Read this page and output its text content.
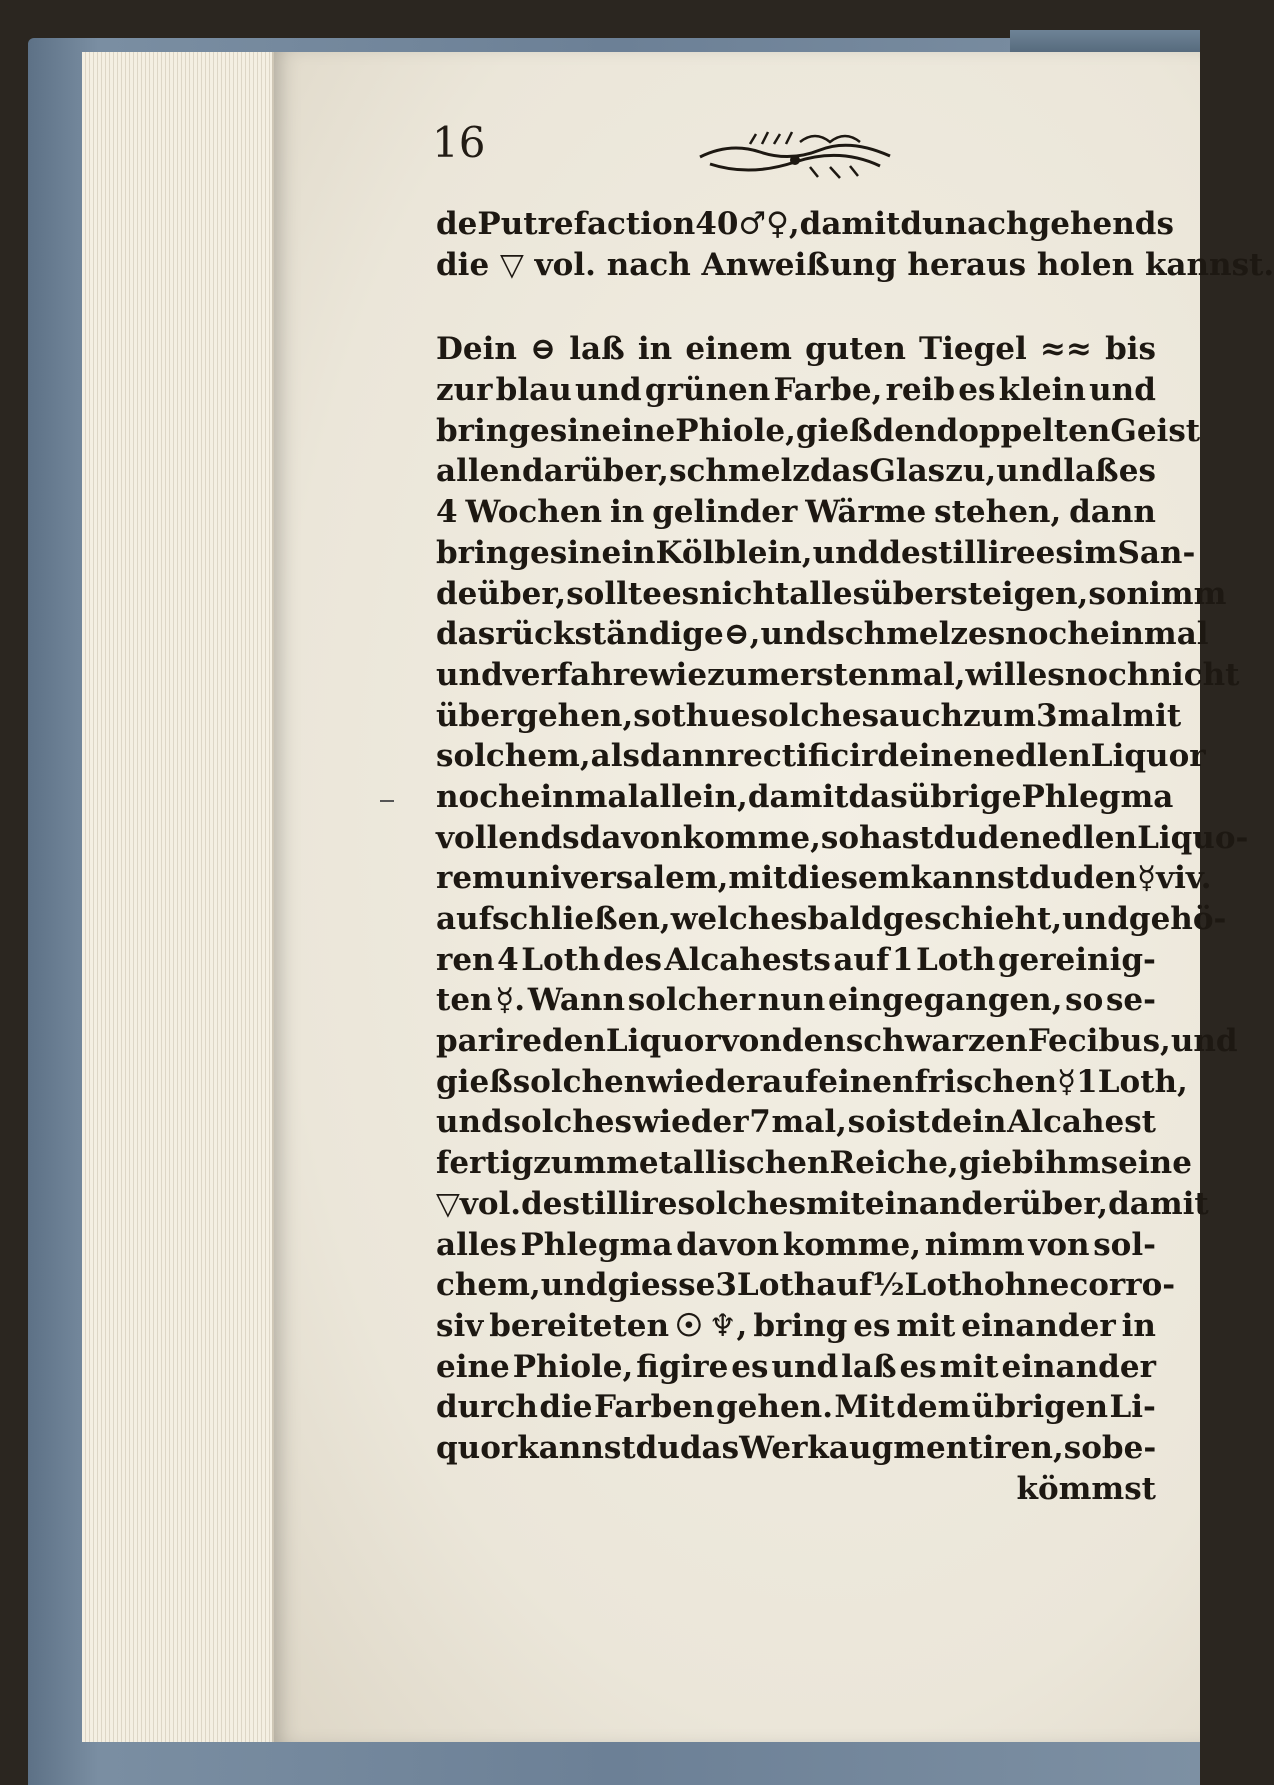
16
de Putrefaction 40 ♂♀, damit du nachgehends
die
▽
vol.
nach
Anweißung
heraus
holen
kannst.
Dein ⊖ laß in einem guten Tiegel ≈≈ bis
zur blau und grünen Farbe, reib es klein und
bring es in eine Phiole, gieß den doppelten Geist
allen darüber, schmelz das Glas zu, und laß es
4 Wochen in gelinder Wärme stehen, dann
bring es in ein Kölblein, und destillire es im San-
de über, sollte es nicht alles übersteigen, so nimm
das rückständige ⊖, und schmelz es noch einmal
und verfahre wie zum erstenmal, will es noch nicht
übergehen, so thue solches auch zum 3 mal mit
solchem, alsdann rectificir deinen edlen Liquor
noch einmal allein, damit das übrige Phlegma
vollends davon komme, so hast du den edlen Liquo-
rem universalem, mit diesem kannst du den ☿ viv.
aufschließen, welches bald geschieht, und gehö-
ren 4 Loth des Alcahests auf 1 Loth gereinig-
ten ☿. Wann solcher nun eingegangen, so se-
parire den Liquor von den schwarzen Fecibus, und
gieß solchen wieder auf einen frischen ☿ 1 Loth,
und solches wieder 7 mal, so ist dein Alcahest
fertig zum metallischen Reiche, gieb ihm seine
▽ vol. destillire solches mit einander über, damit
alles Phlegma davon komme, nimm von sol-
chem, und giesse 3 Loth auf ½ Loth ohne corro-
siv bereiteten ☉ ♆, bring es mit einander in
eine Phiole, figire es und laß es mit einander
durch die Farben gehen. Mit dem übrigen Li-
quor kannst du das Werk augmentiren, so be-
kömmst
